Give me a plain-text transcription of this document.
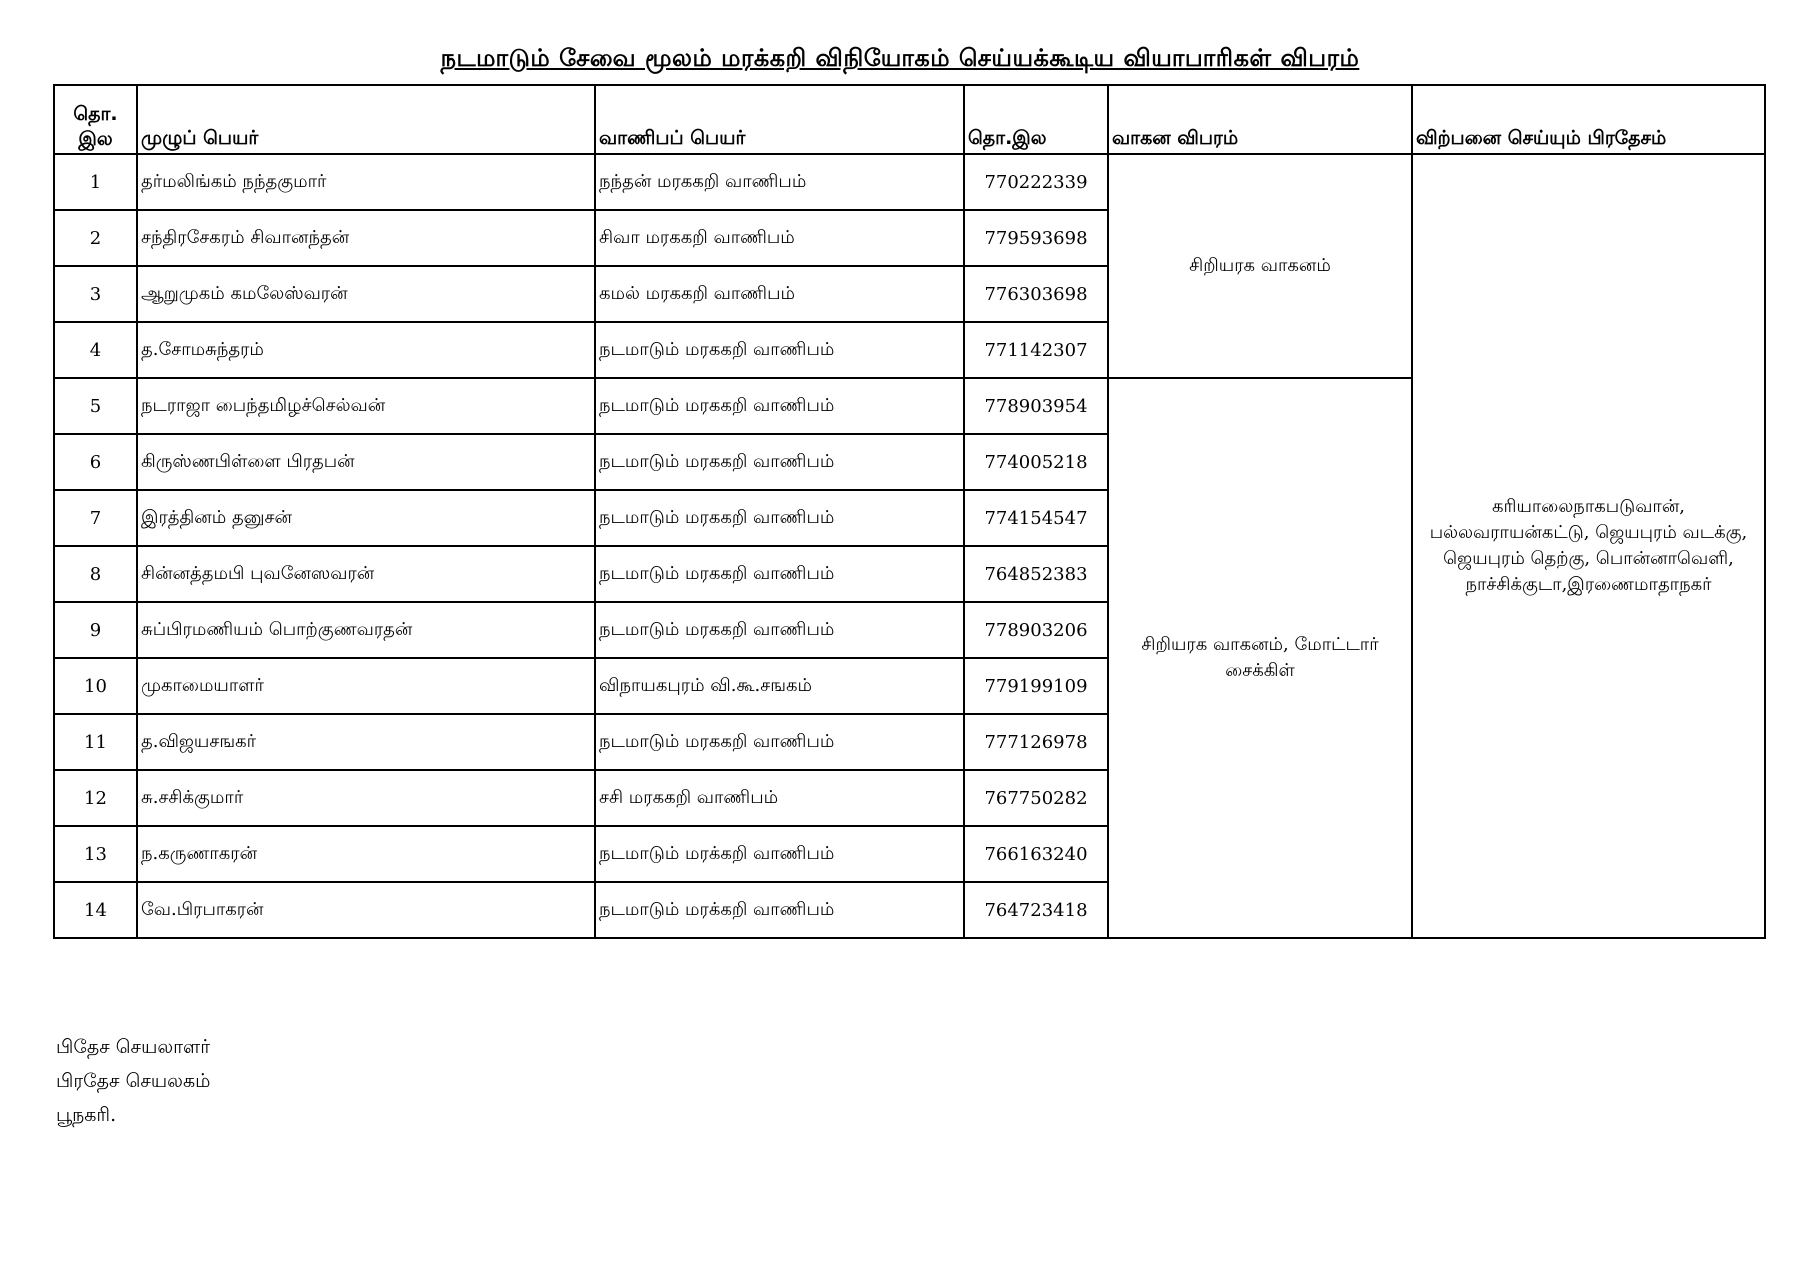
நடமாடும் சேவை மூலம் மரக்கறி விநியோகம் செய்யக்கூடிய வியாபாரிகள் விபரம்
தொ.
இல	முழுப் பெயர்	வாணிபப் பெயர்	தொ.இல	வாகன விபரம்	விற்பனை செய்யும் பிரதேசம்
1	தர்மலிங்கம் நந்தகுமார்	நந்தன் மரககறி வாணிபம்	770222339	சிறியரக வாகனம்	கரியாலைநாகபடுவான், பல்லவராயன்கட்டு, ஜெயபுரம் வடக்கு, ஜெயபுரம் தெற்கு, பொன்னாவெளி, நாச்சிக்குடா,இரணைமாதாநகர்
2	சந்திரசேகரம் சிவானந்தன்	சிவா மரககறி வாணிபம்	779593698		
3	ஆறுமுகம் கமலேஸ்வரன்	கமல் மரககறி வாணிபம்	776303698		
4	த.சோமசுந்தரம்	நடமாடும் மரககறி வாணிபம்	771142307		
5	நடராஜா பைந்தமிழச்செல்வன்	நடமாடும் மரககறி வாணிபம்	778903954	சிறியரக வாகனம், மோட்டார் சைக்கிள்	
6	கிருஸ்ணபிள்ளை பிரதபன்	நடமாடும் மரககறி வாணிபம்	774005218		
7	இரத்தினம் தனுசன்	நடமாடும் மரககறி வாணிபம்	774154547		
8	சின்னத்தமபி புவனேஸவரன்	நடமாடும் மரககறி வாணிபம்	764852383		
9	சுப்பிரமணியம் பொற்குணவரதன்	நடமாடும் மரககறி வாணிபம்	778903206		
10	முகாமையாளர்	விநாயகபுரம் வி.கூ.சஙகம்	779199109		
11	த.விஜயசஙகர்	நடமாடும் மரககறி வாணிபம்	777126978		
12	சு.சசிக்குமார்	சசி மரககறி வாணிபம்	767750282		
13	ந.கருணாகரன்	நடமாடும் மரக்கறி வாணிபம்	766163240		
14	வே.பிரபாகரன்	நடமாடும் மரக்கறி வாணிபம்	764723418		
பிதேச செயலாளர்
பிரதேச செயலகம்
பூநகரி.
